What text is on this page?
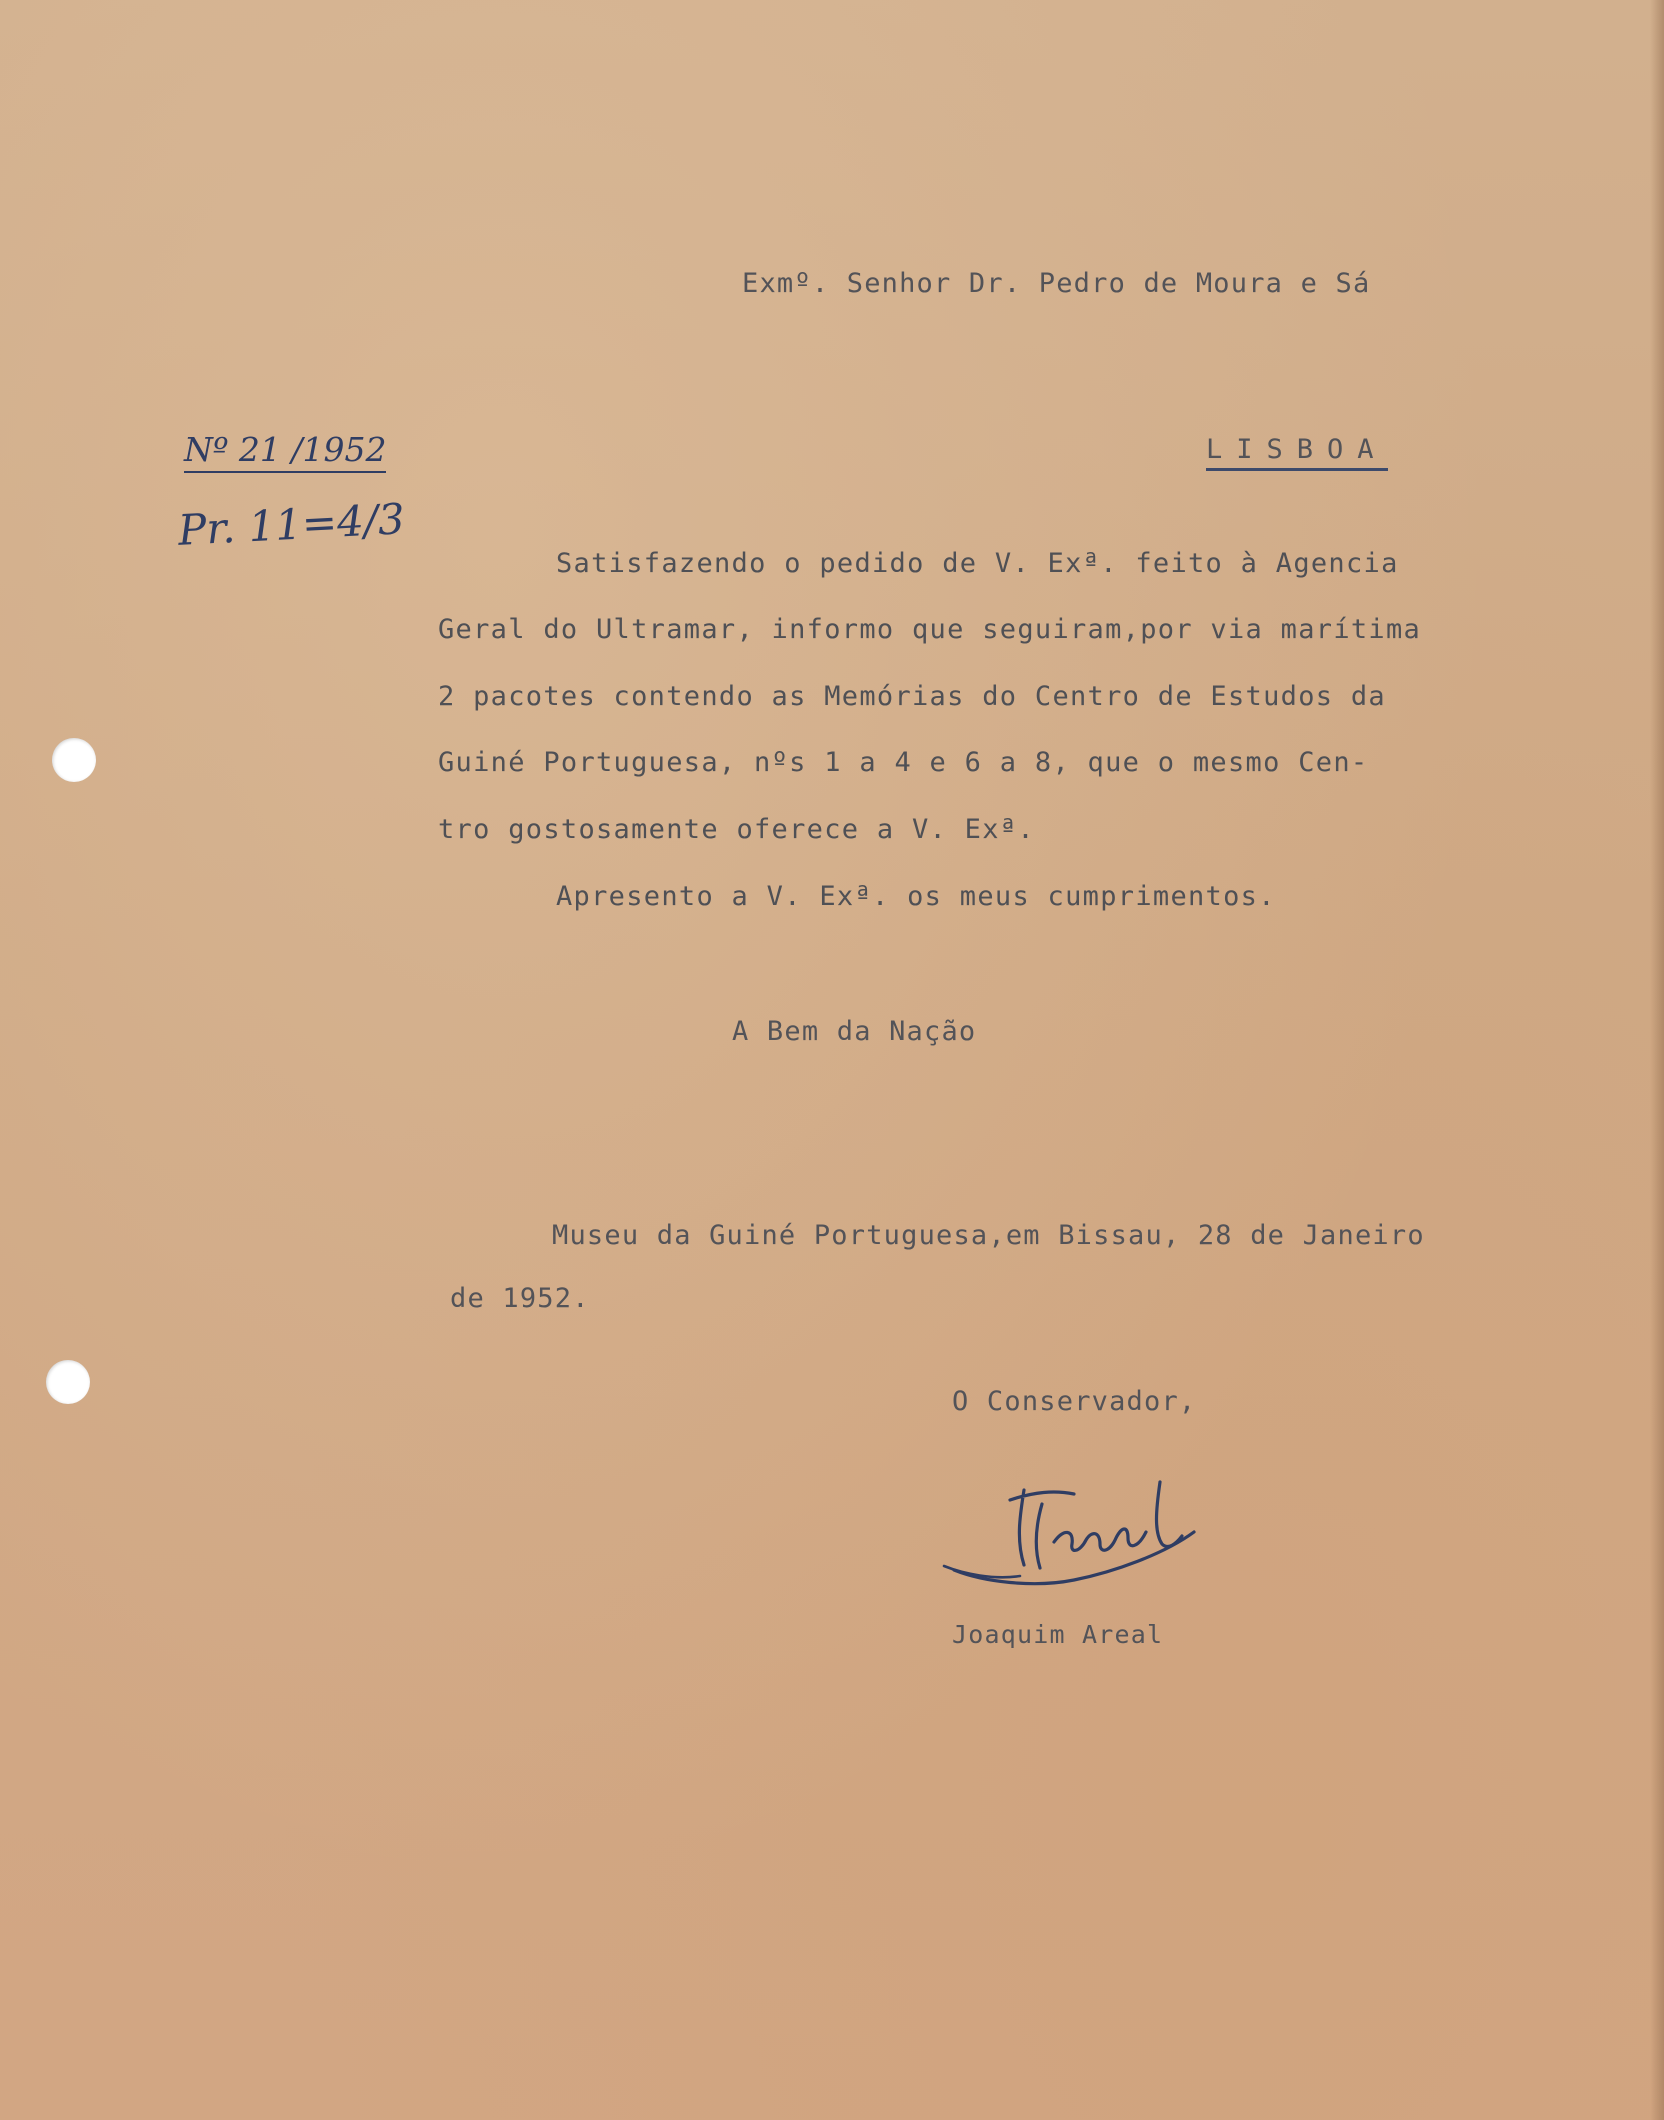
Exmº. Senhor Dr. Pedro de Moura e Sá
LISBOA
Nº 21 /1952
Pr. 11=4/3
Satisfazendo o pedido de V. Exª. feito à Agencia
Geral do Ultramar, informo que seguiram,por via marítima
2 pacotes contendo as Memórias do Centro de Estudos da
Guiné Portuguesa, nºs 1 a 4 e 6 a 8, que o mesmo Cen-
tro gostosamente oferece a V. Exª.
Apresento a V. Exª. os meus cumprimentos.
A Bem da Nação
Museu da Guiné Portuguesa,em Bissau, 28 de Janeiro
de 1952.
O Conservador,
Joaquim Areal
